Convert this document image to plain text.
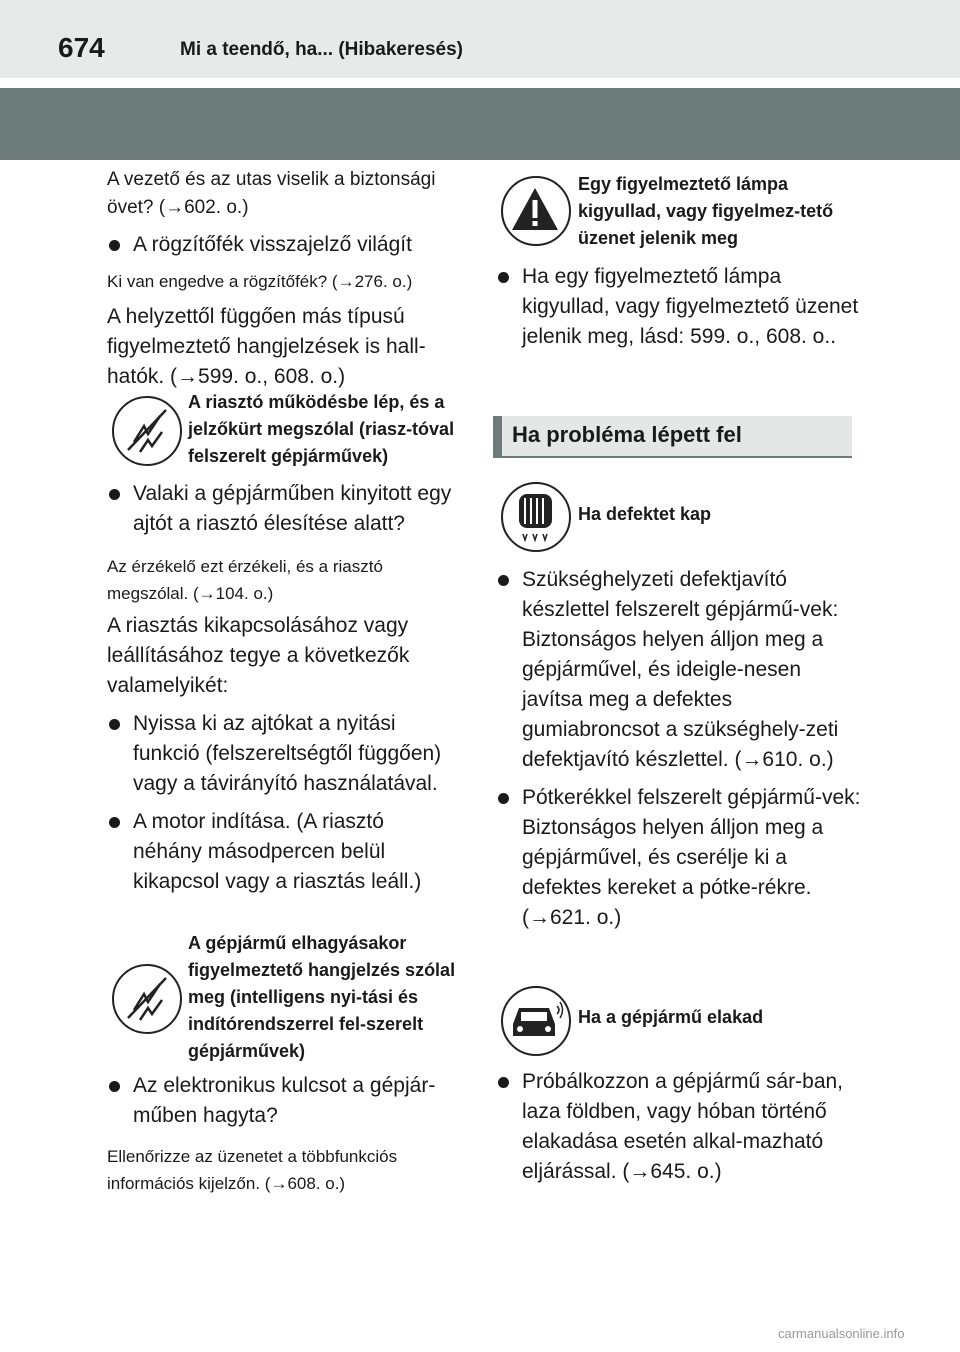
674	Mi a teendő, ha... (Hibakeresés)

A vezető és az utas viselik a biztonsági övet? (→602. o.)

A rögzítőfék visszajelző világít

Ki van engedve a rögzítőfék? (→276. o.)

A helyzettől függően más típusú figyelmeztető hangjelzések is hall-hatók. (→599. o., 608. o.)

A riasztó működésbe lép, és a jelzőkürt megszólal (riasz-tóval felszerelt gépjárművek)

Valaki a gépjárműben kinyitott egy ajtót a riasztó élesítése alatt?

Az érzékelő ezt érzékeli, és a riasztó megszólal. (→104. o.)

A riasztás kikapcsolásához vagy leállításához tegye a következők valamelyikét:

Nyissa ki az ajtókat a nyitási funkció (felszereltségtől függően) vagy a távirányító használatával.

A motor indítása. (A riasztó néhány másodpercen belül kikapcsol vagy a riasztás leáll.)

A gépjármű elhagyásakor figyelmeztető hangjelzés szólal meg (intelligens nyi-tási és indítórendszerrel fel-szerelt gépjárművek)

Az elektronikus kulcsot a gépjár-műben hagyta?

Ellenőrizze az üzenetet a többfunkciós információs kijelzőn. (→608. o.)

Egy figyelmeztető lámpa kigyullad, vagy figyelmez-tető üzenet jelenik meg

Ha egy figyelmeztető lámpa kigyullad, vagy figyelmeztető üzenet jelenik meg, lásd: 599. o., 608. o..

Ha probléma lépett fel
Ha defektet kap

Szükséghelyzeti defektjavító készlettel felszerelt gépjármű-vek: Biztonságos helyen álljon meg a gépjárművel, és ideigle-nesen javítsa meg a defektes gumiabroncsot a szükséghely-zeti defektjavító készlettel. (→610. o.)

Pótkerékkel felszerelt gépjármű-vek: Biztonságos helyen álljon meg a gépjárművel, és cserélje ki a defektes kereket a pótke-rékre. (→621. o.)

Ha a gépjármű elakad

Próbálkozzon a gépjármű sár-ban, laza földben, vagy hóban történő elakadása esetén alkal-mazható eljárással. (→645. o.)

carmanualsonline.info
